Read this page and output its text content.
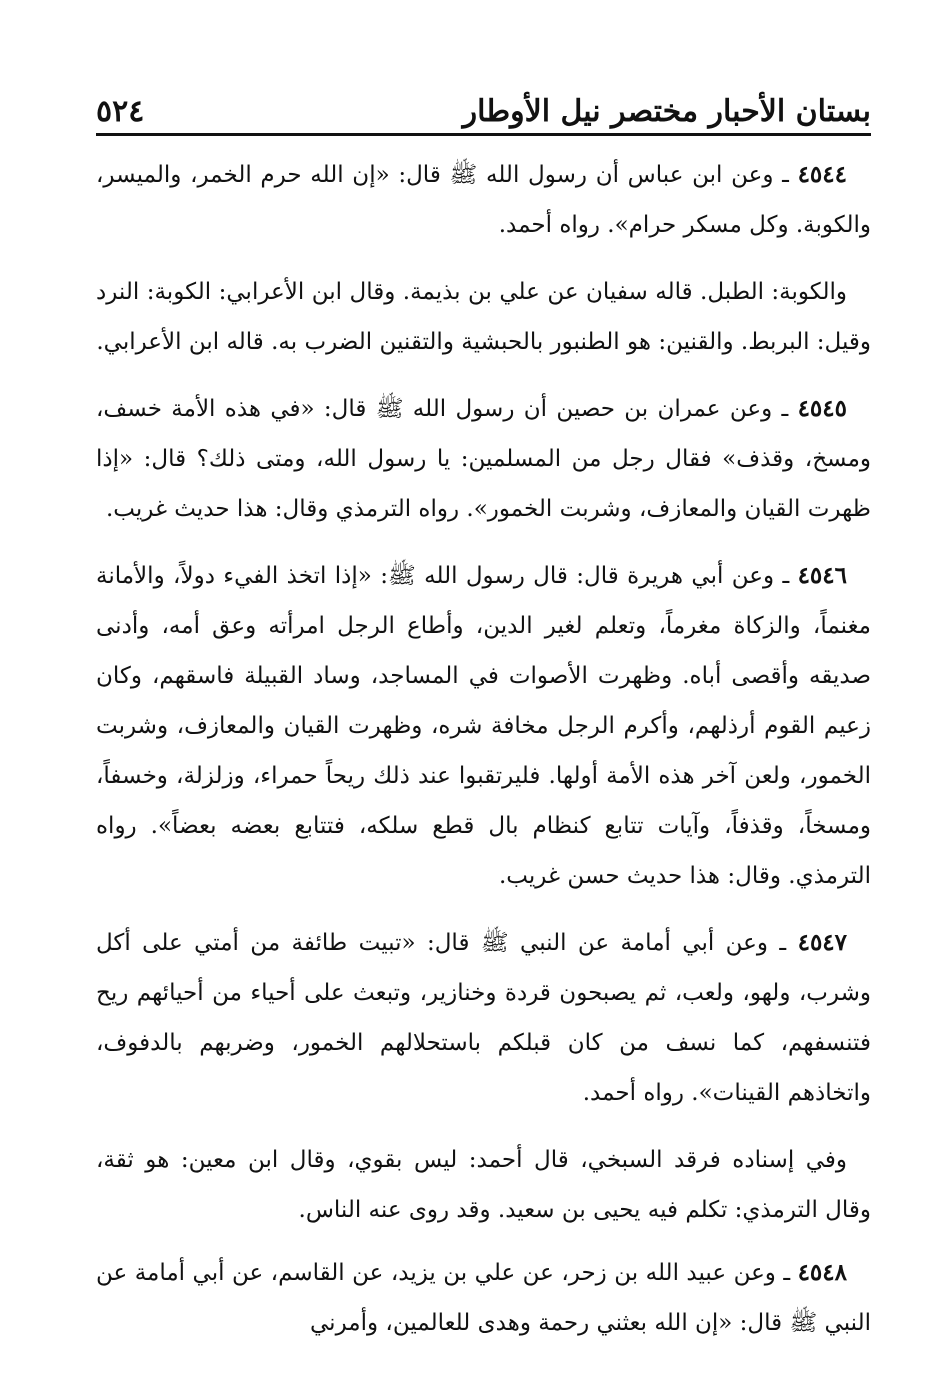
بستان الأحبار مختصر نيل الأوطار
٥٢٤

٤٥٤٤ ـ وعن ابن عباس أن رسول الله ﷺ قال: «إن الله حرم الخمر، والميسر، والكوبة. وكل مسكر حرام». رواه أحمد.

والكوبة: الطبل. قاله سفيان عن علي بن بذيمة. وقال ابن الأعرابي: الكوبة: النرد وقيل: البربط. والقنين: هو الطنبور بالحبشية والتقنين الضرب به. قاله ابن الأعرابي.

٤٥٤٥ ـ وعن عمران بن حصين أن رسول الله ﷺ قال: «في هذه الأمة خسف، ومسخ، وقذف» فقال رجل من المسلمين: يا رسول الله، ومتى ذلك؟ قال: «إذا ظهرت القيان والمعازف، وشربت الخمور». رواه الترمذي وقال: هذا حديث غريب.

٤٥٤٦ ـ وعن أبي هريرة قال: قال رسول الله ﷺ: «إذا اتخذ الفيء دولاً، والأمانة مغنماً، والزكاة مغرماً، وتعلم لغير الدين، وأطاع الرجل امرأته وعق أمه، وأدنى صديقه وأقصى أباه. وظهرت الأصوات في المساجد، وساد القبيلة فاسقهم، وكان زعيم القوم أرذلهم، وأكرم الرجل مخافة شره، وظهرت القيان والمعازف، وشربت الخمور، ولعن آخر هذه الأمة أولها. فليرتقبوا عند ذلك ريحاً حمراء، وزلزلة، وخسفاً، ومسخاً، وقذفاً، وآيات تتابع كنظام بال قطع سلكه، فتتابع بعضه بعضاً». رواه الترمذي. وقال: هذا حديث حسن غريب.

٤٥٤٧ ـ وعن أبي أمامة عن النبي ﷺ قال: «تبيت طائفة من أمتي على أكل وشرب، ولهو، ولعب، ثم يصبحون قردة وخنازير، وتبعث على أحياء من أحيائهم ريح فتنسفهم، كما نسف من كان قبلكم باستحلالهم الخمور، وضربهم بالدفوف، واتخاذهم القينات». رواه أحمد.

وفي إسناده فرقد السبخي، قال أحمد: ليس بقوي، وقال ابن معين: هو ثقة، وقال الترمذي: تكلم فيه يحيى بن سعيد. وقد روى عنه الناس.

٤٥٤٨ ـ وعن عبيد الله بن زحر، عن علي بن يزيد، عن القاسم، عن أبي أمامة عن النبي ﷺ قال: «إن الله بعثني رحمة وهدى للعالمين، وأمرني
